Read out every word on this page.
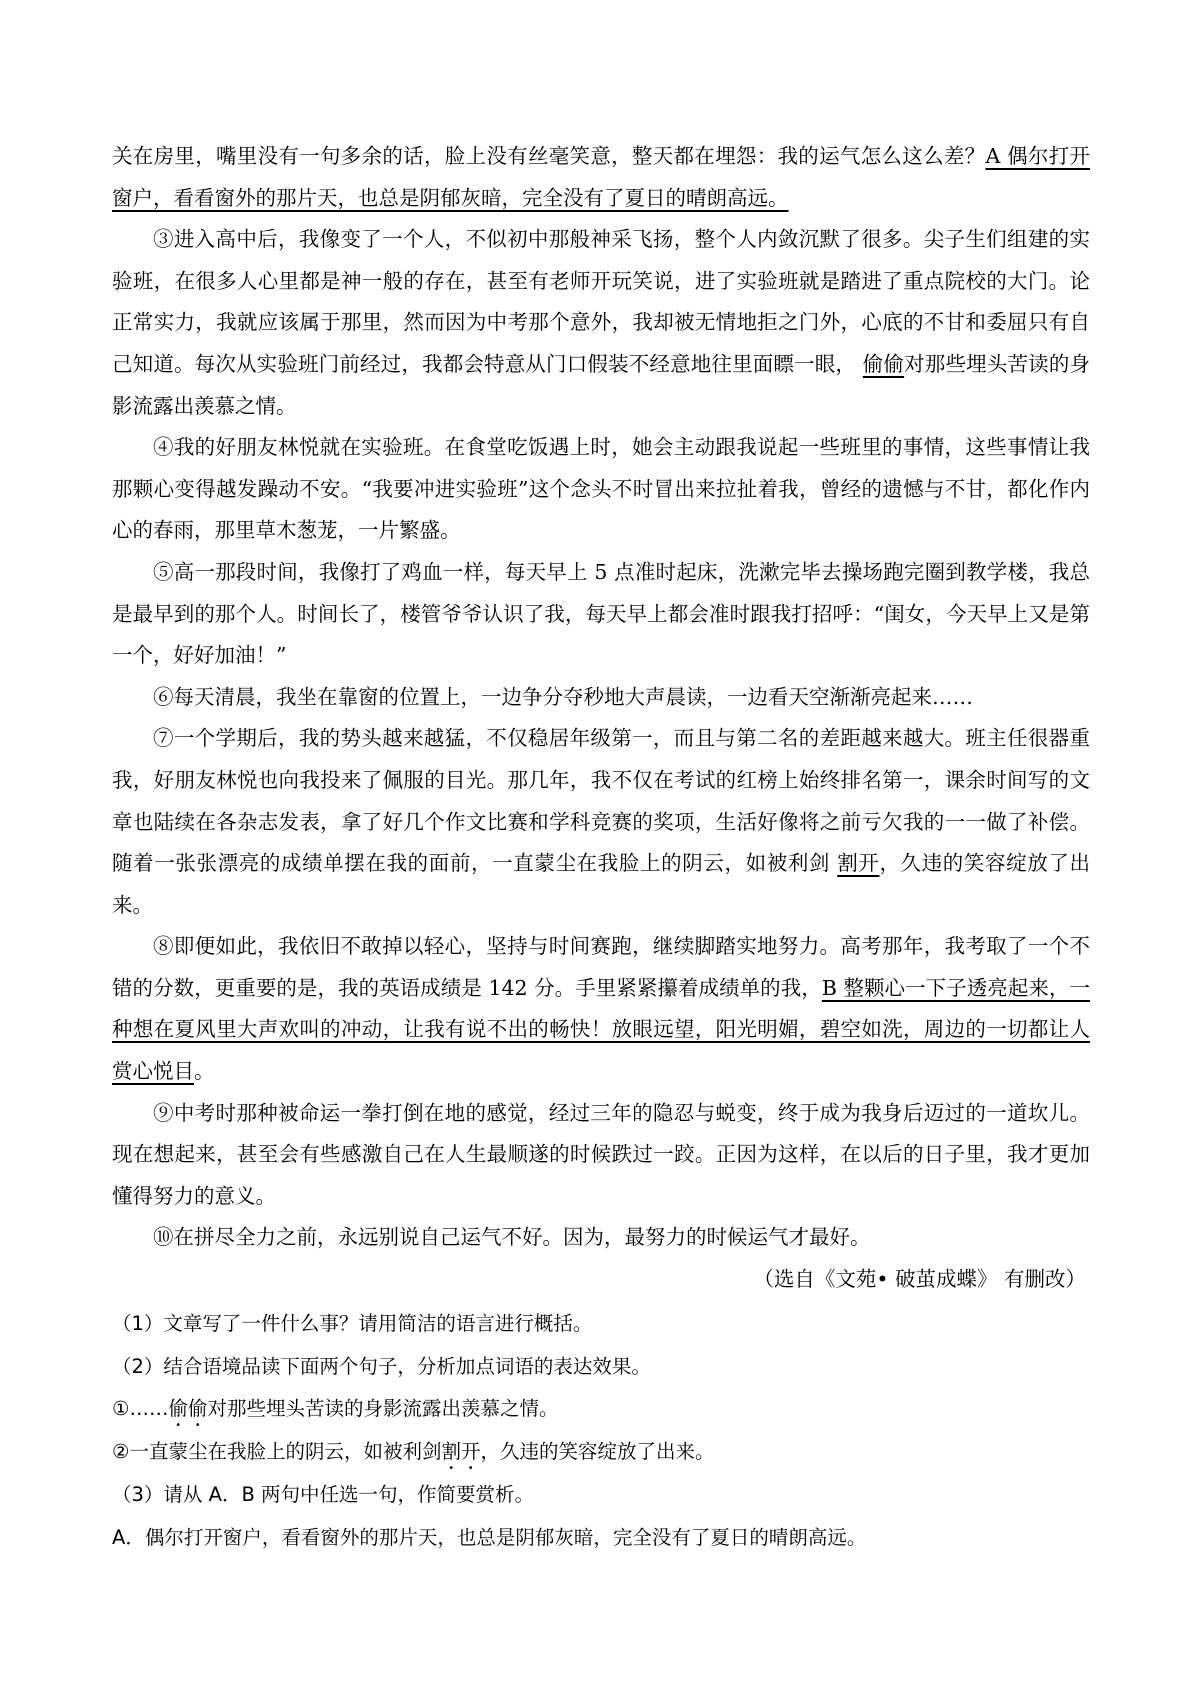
关在房里，嘴里没有一句多余的话，脸上没有丝毫笑意，整天都在埋怨：我的运气怎么这么差？A 偶尔打开窗户，看看窗外的那片天，也总是阴郁灰暗，完全没有了夏日的晴朗高远。

③进入高中后，我像变了一个人，不似初中那般神采飞扬，整个人内敛沉默了很多。尖子生们组建的实验班，在很多人心里都是神一般的存在，甚至有老师开玩笑说，进了实验班就是踏进了重点院校的大门。论正常实力，我就应该属于那里，然而因为中考那个意外，我却被无情地拒之门外，心底的不甘和委屈只有自己知道。每次从实验班门前经过，我都会特意从门口假装不经意地往里面瞟一眼， 偷偷对那些埋头苦读的身影流露出羡慕之情。

④我的好朋友林悦就在实验班。在食堂吃饭遇上时，她会主动跟我说起一些班里的事情，这些事情让我那颗心变得越发躁动不安。“我要冲进实验班”这个念头不时冒出来拉扯着我，曾经的遗憾与不甘，都化作内心的春雨，那里草木葱茏，一片繁盛。

⑤高一那段时间，我像打了鸡血一样，每天早上 5 点准时起床，洗漱完毕去操场跑完圈到教学楼，我总是最早到的那个人。时间长了，楼管爷爷认识了我，每天早上都会准时跟我打招呼：“闺女，今天早上又是第一个，好好加油！”

⑥每天清晨，我坐在靠窗的位置上，一边争分夺秒地大声晨读，一边看天空渐渐亮起来……

⑦一个学期后，我的势头越来越猛，不仅稳居年级第一，而且与第二名的差距越来越大。班主任很器重我，好朋友林悦也向我投来了佩服的目光。那几年，我不仅在考试的红榜上始终排名第一，课余时间写的文章也陆续在各杂志发表，拿了好几个作文比赛和学科竞赛的奖项，生活好像将之前亏欠我的一一做了补偿。随着一张张漂亮的成绩单摆在我的面前，一直蒙尘在我脸上的阴云，如被利剑 割开，久违的笑容绽放了出来。

⑧即便如此，我依旧不敢掉以轻心，坚持与时间赛跑，继续脚踏实地努力。高考那年，我考取了一个不错的分数，更重要的是，我的英语成绩是 142 分。手里紧紧攥着成绩单的我，B 整颗心一下子透亮起来，一种想在夏风里大声欢叫的冲动，让我有说不出的畅快！放眼远望，阳光明媚，碧空如洗，周边的一切都让人赏心悦目。

⑨中考时那种被命运一拳打倒在地的感觉，经过三年的隐忍与蜕变，终于成为我身后迈过的一道坎儿。现在想起来，甚至会有些感激自己在人生最顺遂的时候跌过一跤。正因为这样，在以后的日子里，我才更加懂得努力的意义。

⑩在拼尽全力之前，永远别说自己运气不好。因为，最努力的时候运气才最好。

（选自《文苑• 破茧成蝶》 有删改）

（1）文章写了一件什么事？请用简洁的语言进行概括。

（2）结合语境品读下面两个句子，分析加点词语的表达效果。

①……偷偷对那些埋头苦读的身影流露出羡慕之情。

②一直蒙尘在我脸上的阴云，如被利剑割开，久违的笑容绽放了出来。

（3）请从 A．B 两句中任选一句，作简要赏析。

A．偶尔打开窗户，看看窗外的那片天，也总是阴郁灰暗，完全没有了夏日的晴朗高远。
